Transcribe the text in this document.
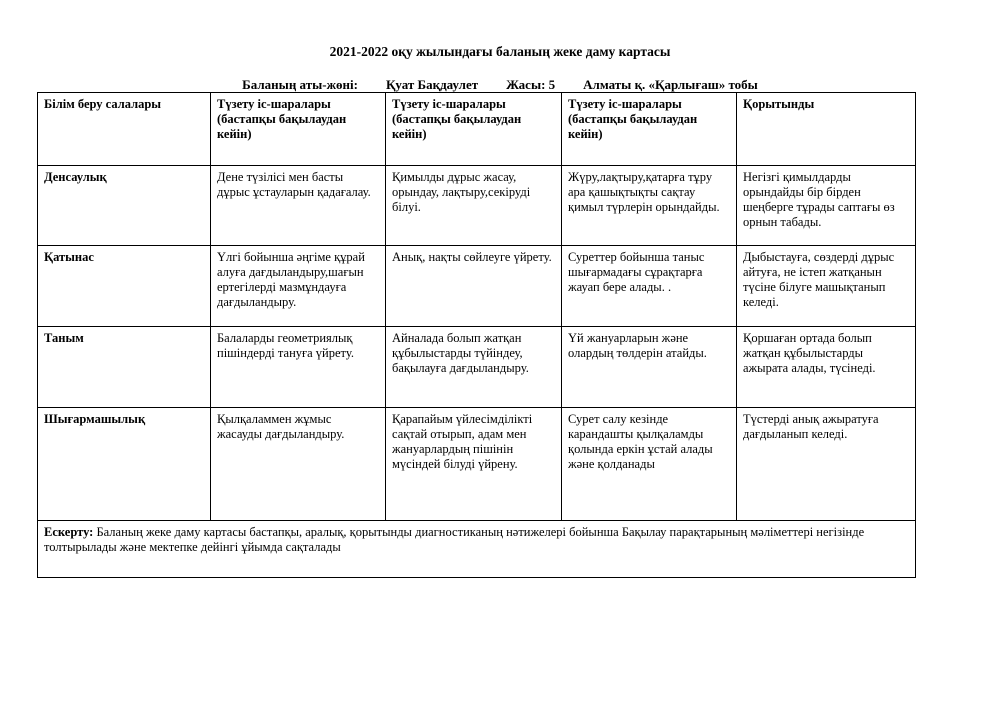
2021-2022 оқу жылындағы баланың жеке даму картасы
Баланың аты-жөні: Қуат Бақдаулет Жасы: 5 Алматы қ. «Қарлығаш» тобы
Білім беру салалары	Түзету іс-шаралары (бастапқы бақылаудан кейін)	Түзету іс-шаралары (бастапқы бақылаудан кейін)	Түзету іс-шаралары (бастапқы бақылаудан кейін)	Қорытынды
Денсаулық	Дене түзілісі мен басты дұрыс ұстауларын қадағалау.	Қимылды дұрыс жасау, орындау, лақтыру,секіруді білуі.	Жүру,лақтыру,қатарға тұру ара қашықтықты сақтау қимыл түрлерін орындайды.	Негізгі қимылдарды орындайды бір бірден шеңберге тұрады саптағы өз орнын табады.
Қатынас	Үлгі бойынша әңгіме құрай алуға дағдыландыру,шағын ертегілерді мазмұндауға дағдыландыру.	Анық, нақты сөйлеуге үйрету.	Суреттер бойынша таныс шығармадағы сұрақтарға жауап бере алады. .	Дыбыстауға, сөздерді дұрыс айтуға, не істеп жатқанын түсіне білуге машықтанып келеді.
Таным	Балаларды геометриялық пішіндерді тануға үйрету.	Айналада болып жатқан құбылыстарды түйіндеу, бақылауға дағдыландыру.	Үй жануарларын және олардың төлдерін атайды.	Қоршаған ортада болып жатқан құбылыстарды ажырата алады, түсінеді.
Шығармашылық	Қылқаламмен жұмыс жасауды дағдыландыру.	Қарапайым үйлесімділікті сақтай отырып, адам мен жануарлардың пішінін мүсіндей білуді үйрену.	Сурет салу кезінде карандашты қылқаламды қолында еркін ұстай алады және қолданады	Түстерді анық ажыратуға дағдыланып келеді.
Ескерту: Баланың жеке даму картасы бастапқы, аралық, қорытынды диагностиканың нәтижелері бойынша Бақылау парақтарының мәліметтері негізінде толтырылады және мектепке дейінгі ұйымда сақталады				
